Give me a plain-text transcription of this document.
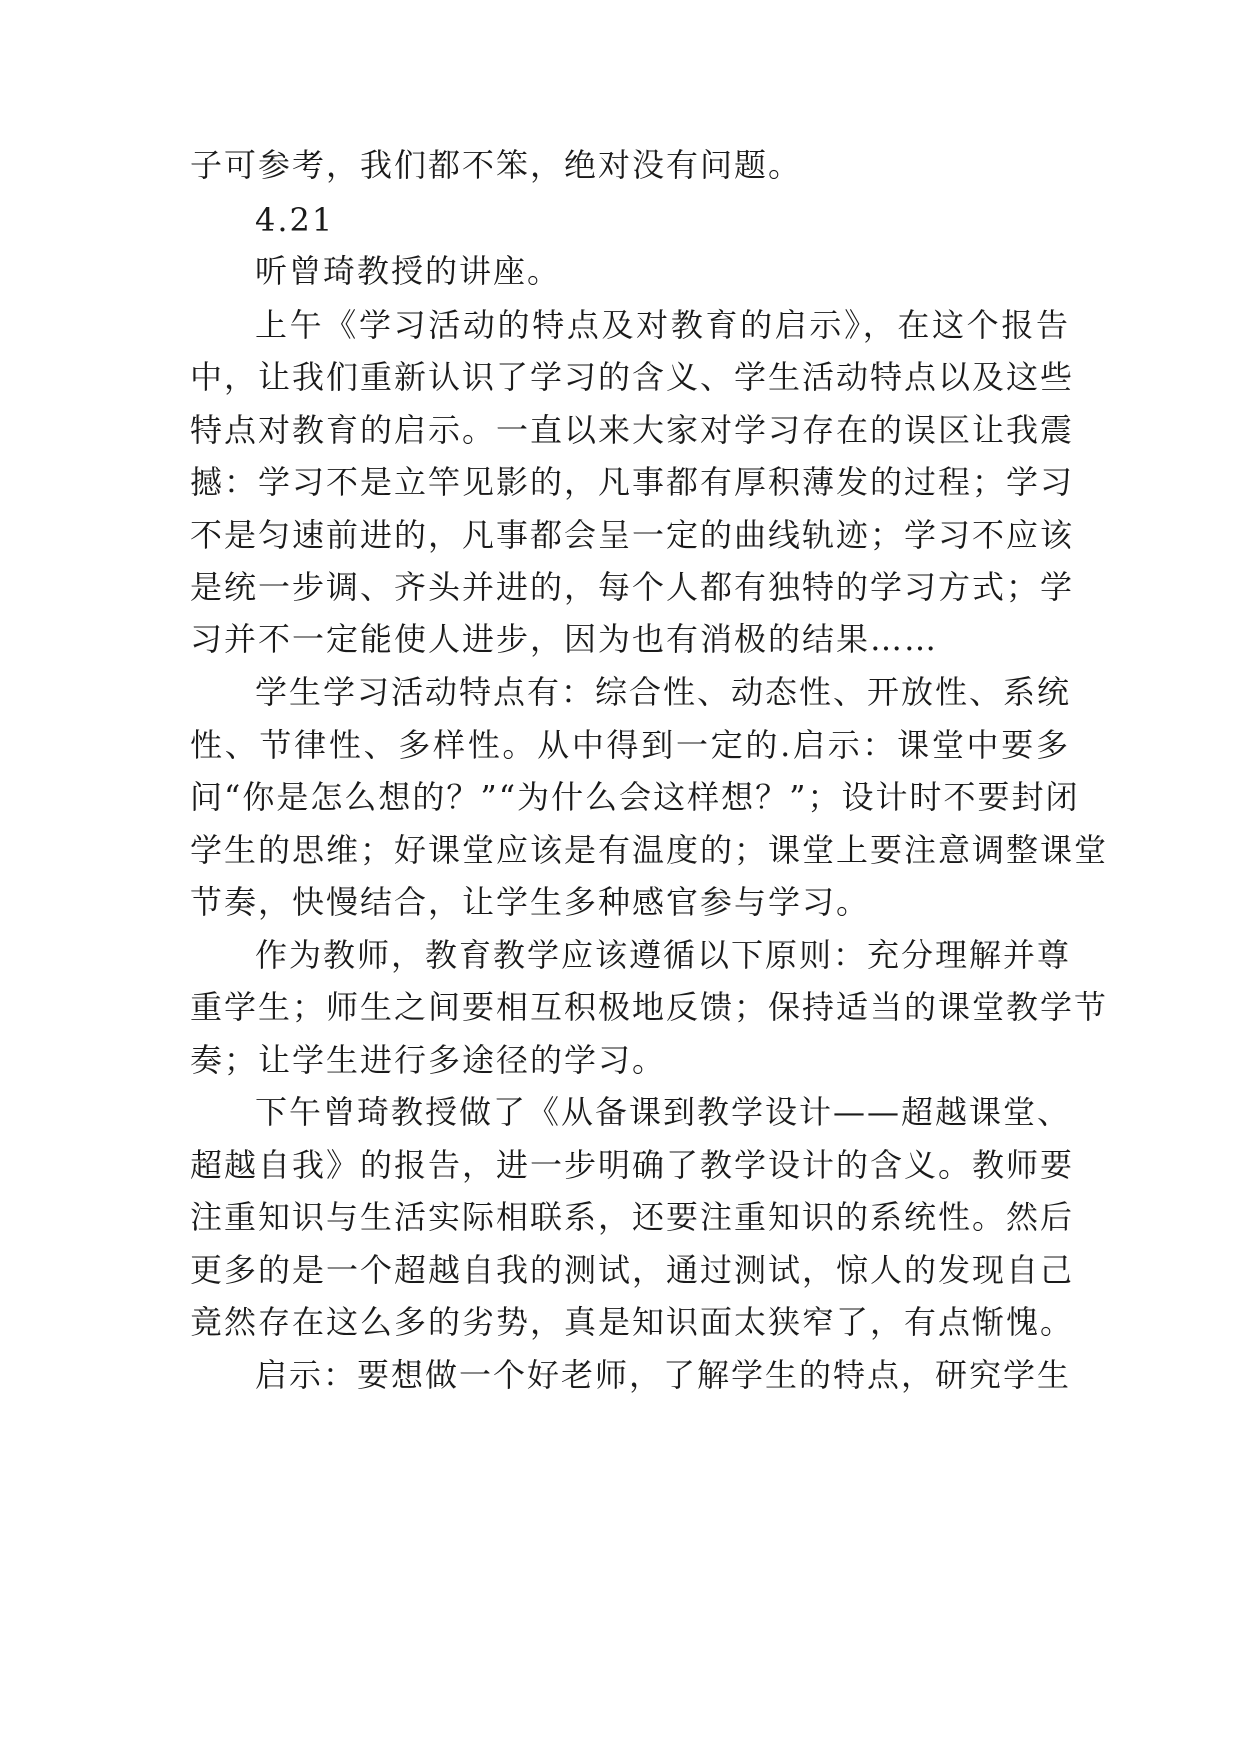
子可参考，我们都不笨，绝对没有问题。
4.21
听曾琦教授的讲座。
上午《学习活动的特点及对教育的启示》，在这个报告
中，让我们重新认识了学习的含义、学生活动特点以及这些
特点对教育的启示。一直以来大家对学习存在的误区让我震
撼：学习不是立竿见影的，凡事都有厚积薄发的过程；学习
不是匀速前进的，凡事都会呈一定的曲线轨迹；学习不应该
是统一步调、齐头并进的，每个人都有独特的学习方式；学
习并不一定能使人进步，因为也有消极的结果……
学生学习活动特点有：综合性、动态性、开放性、系统
性、节律性、多样性。从中得到一定的.启示：课堂中要多
问“你是怎么想的？”“为什么会这样想？”；设计时不要封闭
学生的思维；好课堂应该是有温度的；课堂上要注意调整课堂
节奏，快慢结合，让学生多种感官参与学习。
作为教师，教育教学应该遵循以下原则：充分理解并尊
重学生；师生之间要相互积极地反馈；保持适当的课堂教学节
奏；让学生进行多途径的学习。
下午曾琦教授做了《从备课到教学设计——超越课堂、
超越自我》的报告，进一步明确了教学设计的含义。教师要
注重知识与生活实际相联系，还要注重知识的系统性。然后
更多的是一个超越自我的测试，通过测试，惊人的发现自己
竟然存在这么多的劣势，真是知识面太狭窄了，有点惭愧。
启示：要想做一个好老师，了解学生的特点，研究学生
